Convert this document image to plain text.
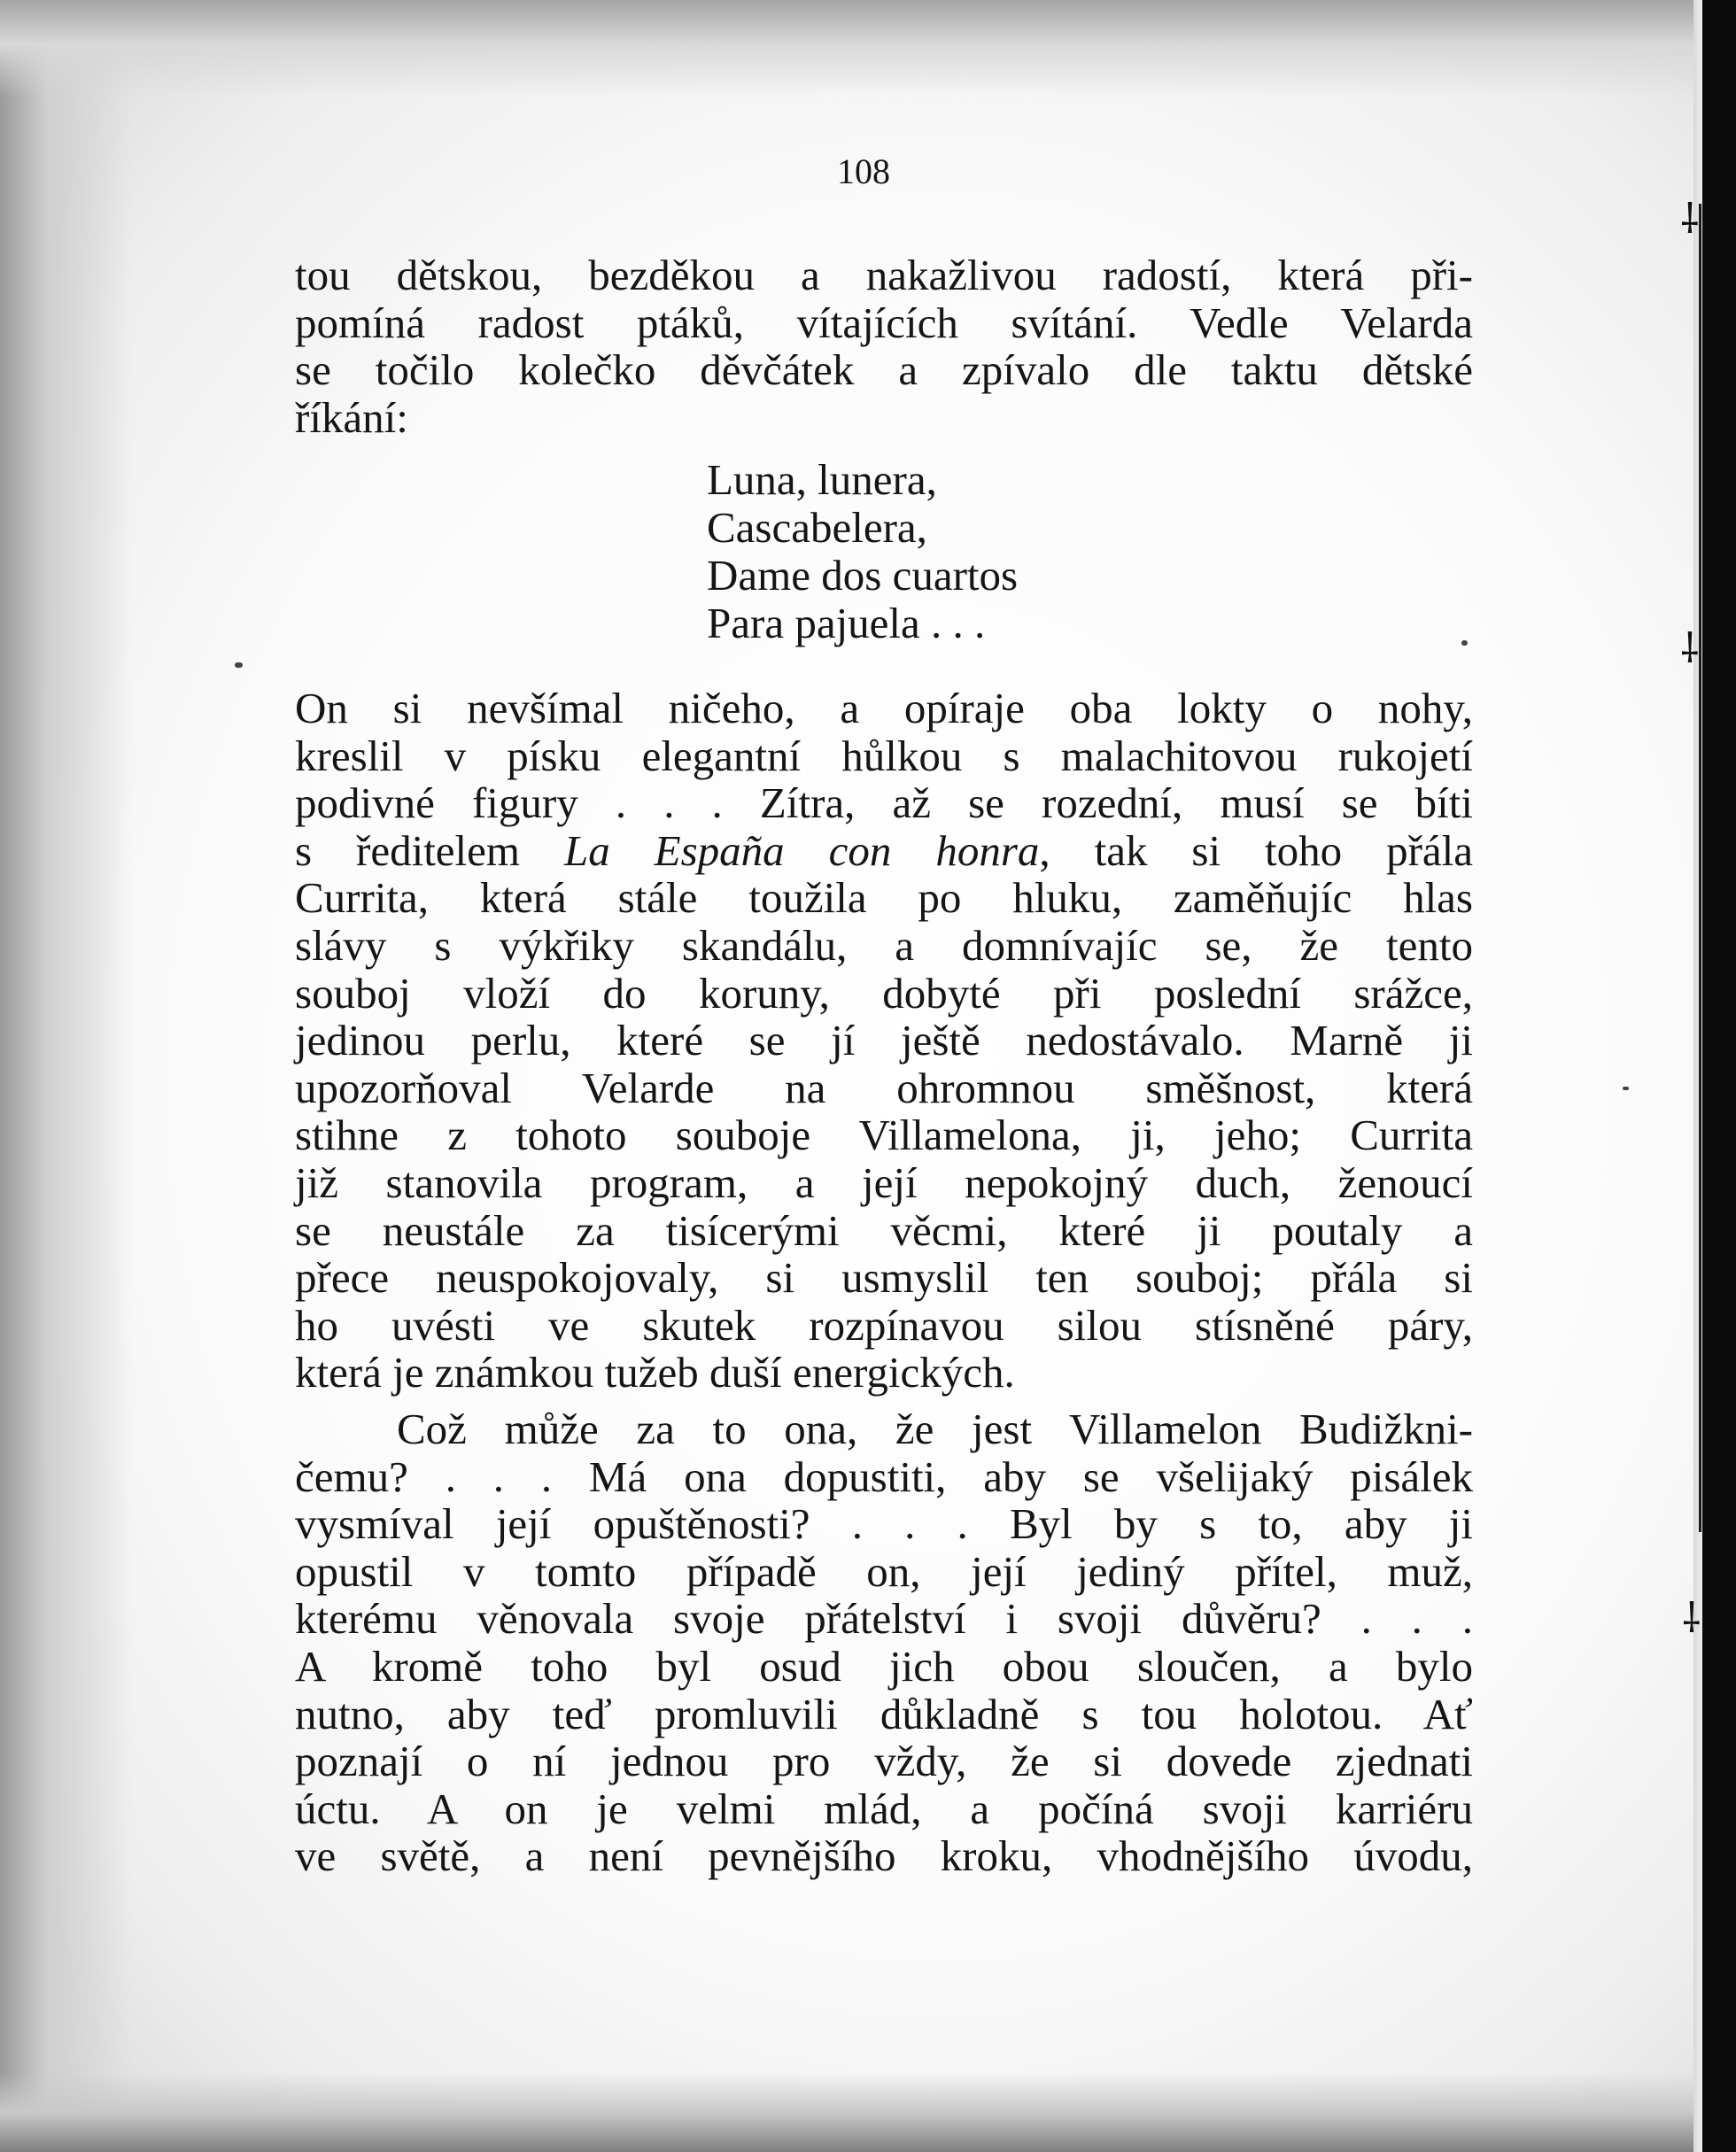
⸸
⸸
⸸
108
tou dětskou, bezděkou a nakažlivou radostí, která při-
pomíná radost ptáků, vítajících svítání. Vedle Velarda
se točilo kolečko děvčátek a zpívalo dle taktu dětské
říkání:
Luna, lunera,
Cascabelera,
Dame dos cuartos
Para pajuela . . .
On si nevšímal ničeho, a opíraje oba lokty o nohy,
kreslil v písku elegantní hůlkou s malachitovou rukojetí
podivné figury . . . Zítra, až se rozední, musí se bíti
s ředitelem La España con honra, tak si toho přála
Currita, která stále toužila po hluku, zaměňujíc hlas
slávy s výkřiky skandálu, a domnívajíc se, že tento
souboj vloží do koruny, dobyté při poslední srážce,
jedinou perlu, které se jí ještě nedostávalo. Marně ji
upozorňoval Velarde na ohromnou směšnost, která
stihne z tohoto souboje Villamelona, ji, jeho; Currita
již stanovila program, a její nepokojný duch, ženoucí
se neustále za tisícerými věcmi, které ji poutaly a
přece neuspokojovaly, si usmyslil ten souboj; přála si
ho uvésti ve skutek rozpínavou silou stísněné páry,
která je známkou tužeb duší energických.
Což může za to ona, že jest Villamelon Budižkni-
čemu? . . . Má ona dopustiti, aby se všelijaký pisálek
vysmíval její opuštěnosti? . . . Byl by s to, aby ji
opustil v tomto případě on, její jediný přítel, muž,
kterému věnovala svoje přátelství i svoji důvěru? . . .
A kromě toho byl osud jich obou sloučen, a bylo
nutno, aby teď promluvili důkladně s tou holotou. Ať
poznají o ní jednou pro vždy, že si dovede zjednati
úctu. A on je velmi mlád, a počíná svoji karriéru
ve světě, a není pevnějšího kroku, vhodnějšího úvodu,
